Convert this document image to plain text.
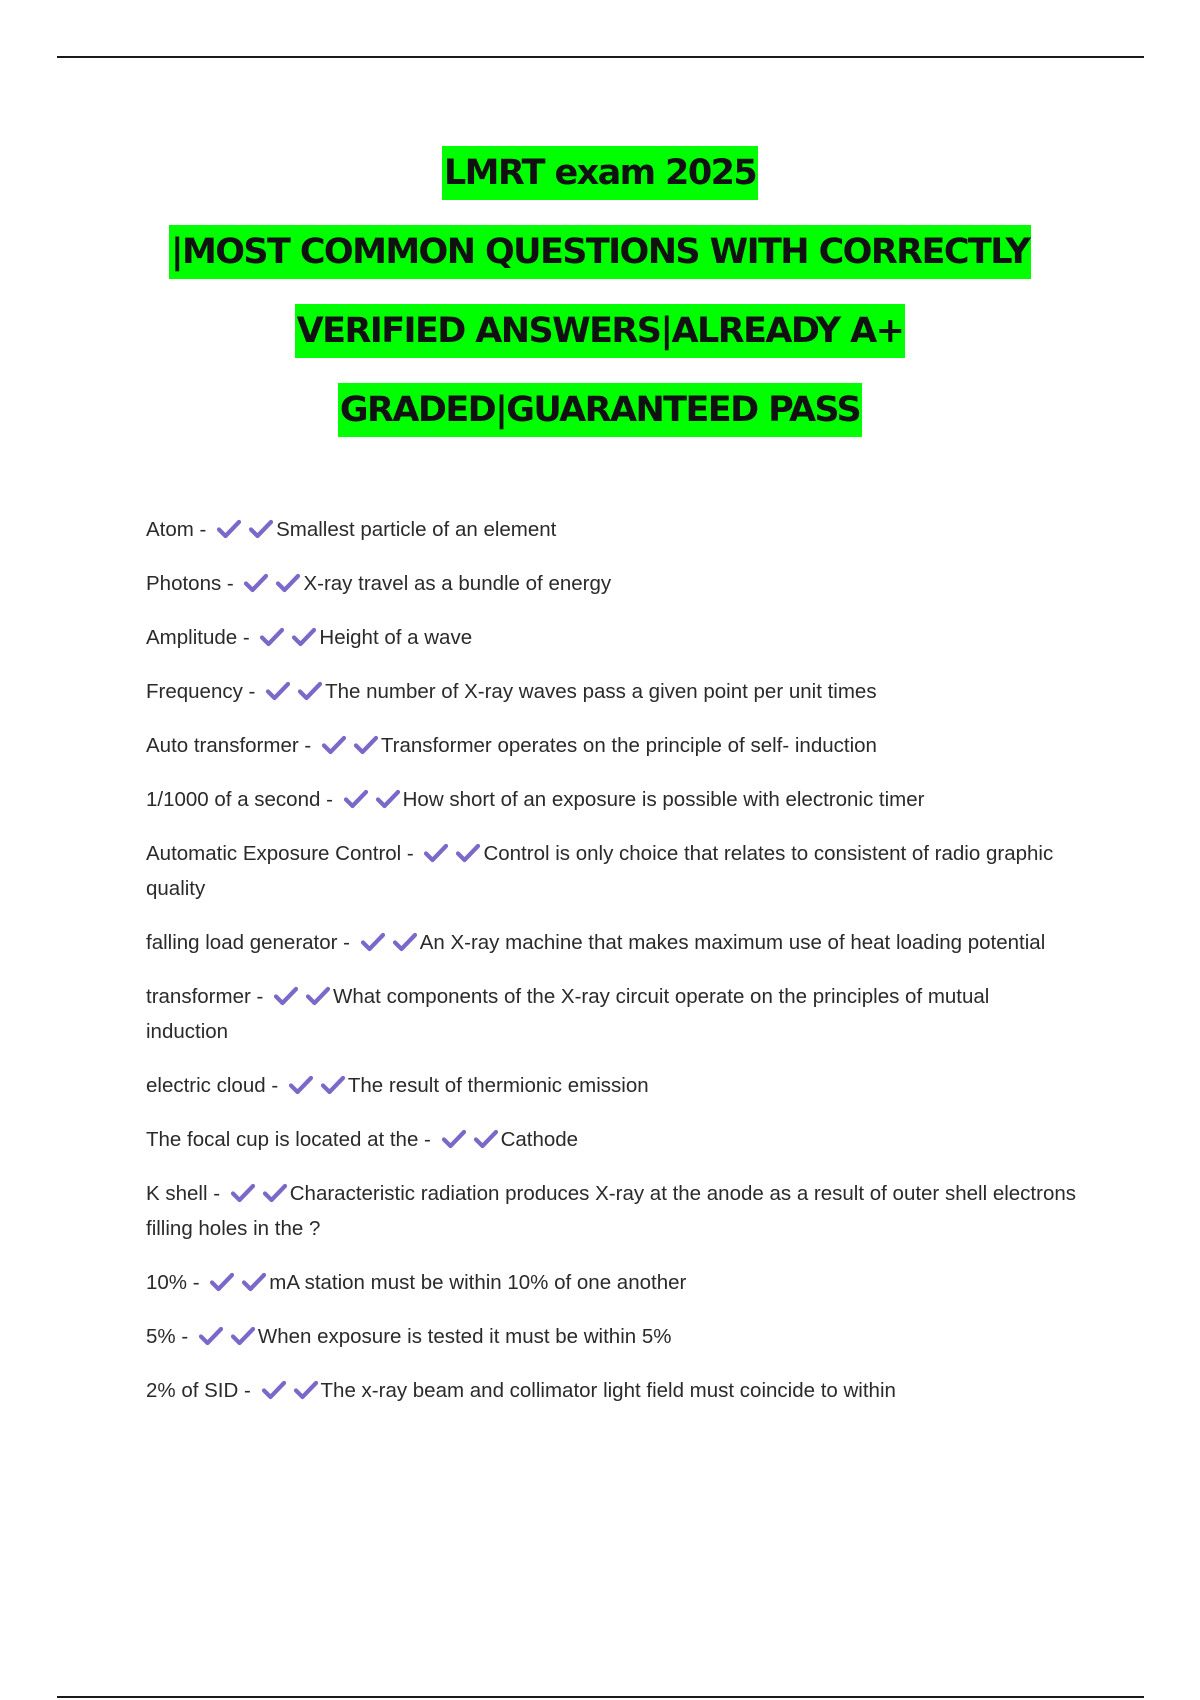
LMRT exam 2025
|MOST COMMON QUESTIONS WITH CORRECTLY
VERIFIED ANSWERS|ALREADY A+
GRADED|GUARANTEED PASS
Atom -	Smallest particle of an element
Photons -	X-ray travel as a bundle of energy
Amplitude -	Height of a wave
Frequency -	The number of X-ray waves pass a given point per unit times
Auto transformer -	Transformer operates on the principle of self- induction
1/1000 of a second -	How short of an exposure is possible with electronic timer
Automatic Exposure Control -	Control is only choice that relates to consistent of radio graphic quality
falling load generator -	An X-ray machine that makes maximum use of heat loading potential
transformer -	What components of the X-ray circuit operate on the principles of mutual induction
electric cloud -	The result of thermionic emission
The focal cup is located at the -	Cathode
K shell -	Characteristic radiation produces X-ray at the anode as a result of outer shell electrons filling holes in the ?
10% -	mA station must be within 10% of one another
5% -	When exposure is tested it must be within 5%
2% of SID -	The x-ray beam and collimator light field must coincide to within
